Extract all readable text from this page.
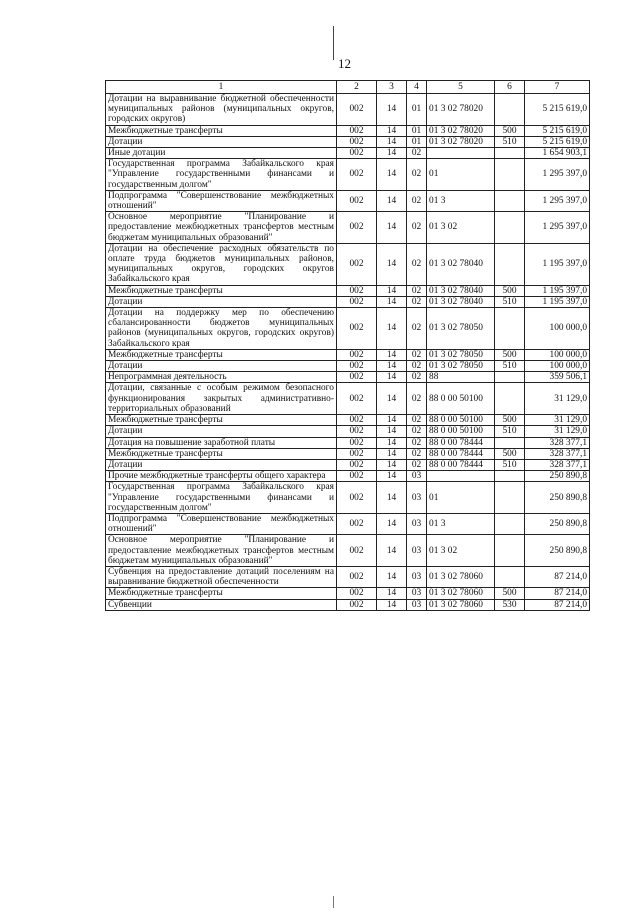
12
1	2	3	4	5	6	7
Дотации на выравнивание бюджетной обеспеченности муниципальных районов (муниципальных округов, городских округов)	002	14	01	01 3 02 78020		5 215 619,0
Межбюджетные трансферты	002	14	01	01 3 02 78020	500	5 215 619,0
Дотации	002	14	01	01 3 02 78020	510	5 215 619,0
Иные дотации	002	14	02			1 654 903,1
Государственная программа Забайкальского края "Управление государственными финансами и государственным долгом"	002	14	02	01		1 295 397,0
Подпрограмма "Совершенствование межбюджетных отношений"	002	14	02	01 3		1 295 397,0
Основное мероприятие "Планирование и предоставление межбюджетных трансфертов местным бюджетам муниципальных образований"	002	14	02	01 3 02		1 295 397,0
Дотации на обеспечение расходных обязательств по оплате труда бюджетов муниципальных районов, муниципальных округов, городских округов Забайкальского края	002	14	02	01 3 02 78040		1 195 397,0
Межбюджетные трансферты	002	14	02	01 3 02 78040	500	1 195 397,0
Дотации	002	14	02	01 3 02 78040	510	1 195 397,0
Дотации на поддержку мер по обеспечению сбалансированности бюджетов муниципальных районов (муниципальных округов, городских округов) Забайкальского края	002	14	02	01 3 02 78050		100 000,0
Межбюджетные трансферты	002	14	02	01 3 02 78050	500	100 000,0
Дотации	002	14	02	01 3 02 78050	510	100 000,0
Непрограммная деятельность	002	14	02	88		359 506,1
Дотации, связанные с особым режимом безопасного функционирования закрытых административно-территориальных образований	002	14	02	88 0 00 50100		31 129,0
Межбюджетные трансферты	002	14	02	88 0 00 50100	500	31 129,0
Дотации	002	14	02	88 0 00 50100	510	31 129,0
Дотация на повышение заработной платы	002	14	02	88 0 00 78444		328 377,1
Межбюджетные трансферты	002	14	02	88 0 00 78444	500	328 377,1
Дотации	002	14	02	88 0 00 78444	510	328 377,1
Прочие межбюджетные трансферты общего характера	002	14	03			250 890,8
Государственная программа Забайкальского края "Управление государственными финансами и государственным долгом"	002	14	03	01		250 890,8
Подпрограмма "Совершенствование межбюджетных отношений"	002	14	03	01 3		250 890,8
Основное мероприятие "Планирование и предоставление межбюджетных трансфертов местным бюджетам муниципальных образований"	002	14	03	01 3 02		250 890,8
Субвенция на предоставление дотаций поселениям на выравнивание бюджетной обеспеченности	002	14	03	01 3 02 78060		87 214,0
Межбюджетные трансферты	002	14	03	01 3 02 78060	500	87 214,0
Субвенции	002	14	03	01 3 02 78060	530	87 214,0
